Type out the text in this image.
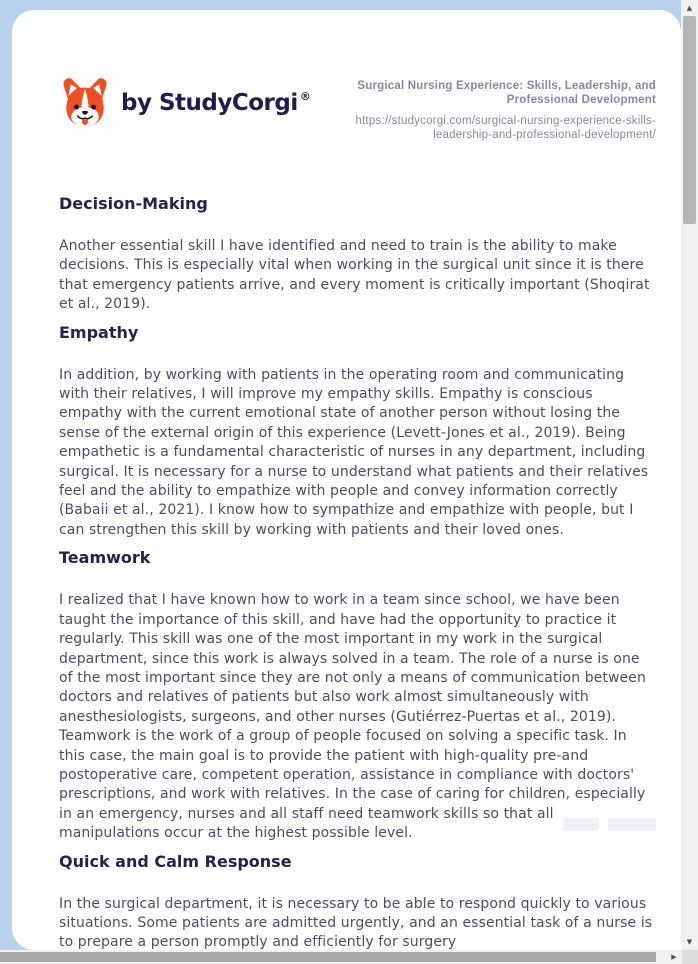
by StudyCorgi ®
Surgical Nursing Experience: Skills, Leadership, and Professional Development
https://studycorgi.com/surgical-nursing-experience-skills-leadership-and-professional-development/
Decision-Making

Another essential skill I have identified and need to train is the ability to make decisions. This is especially vital when working in the surgical unit since it is there that emergency patients arrive, and every moment is critically important (Shoqirat et al., 2019).

Empathy

In addition, by working with patients in the operating room and communicating with their relatives, I will improve my empathy skills. Empathy is conscious empathy with the current emotional state of another person without losing the sense of the external origin of this experience (Levett-Jones et al., 2019). Being empathetic is a fundamental characteristic of nurses in any department, including surgical. It is necessary for a nurse to understand what patients and their relatives feel and the ability to empathize with people and convey information correctly (Babaii et al., 2021). I know how to sympathize and empathize with people, but I can strengthen this skill by working with patients and their loved ones.

Teamwork

I realized that I have known how to work in a team since school, we have been taught the importance of this skill, and have had the opportunity to practice it regularly. This skill was one of the most important in my work in the surgical department, since this work is always solved in a team. The role of a nurse is one of the most important since they are not only a means of communication between doctors and relatives of patients but also work almost simultaneously with anesthesiologists, surgeons, and other nurses (Gutiérrez-Puertas et al., 2019). Teamwork is the work of a group of people focused on solving a specific task. In this case, the main goal is to provide the patient with high-quality pre-and postoperative care, competent operation, assistance in compliance with doctors' prescriptions, and work with relatives. In the case of caring for children, especially in an emergency, nurses and all staff need teamwork skills so that all manipulations occur at the highest possible level.

Quick and Calm Response

In the surgical department, it is necessary to be able to respond quickly to various situations. Some patients are admitted urgently, and an essential task of a nurse is to prepare a person promptly and efficiently for surgery

▲
▼
▶
